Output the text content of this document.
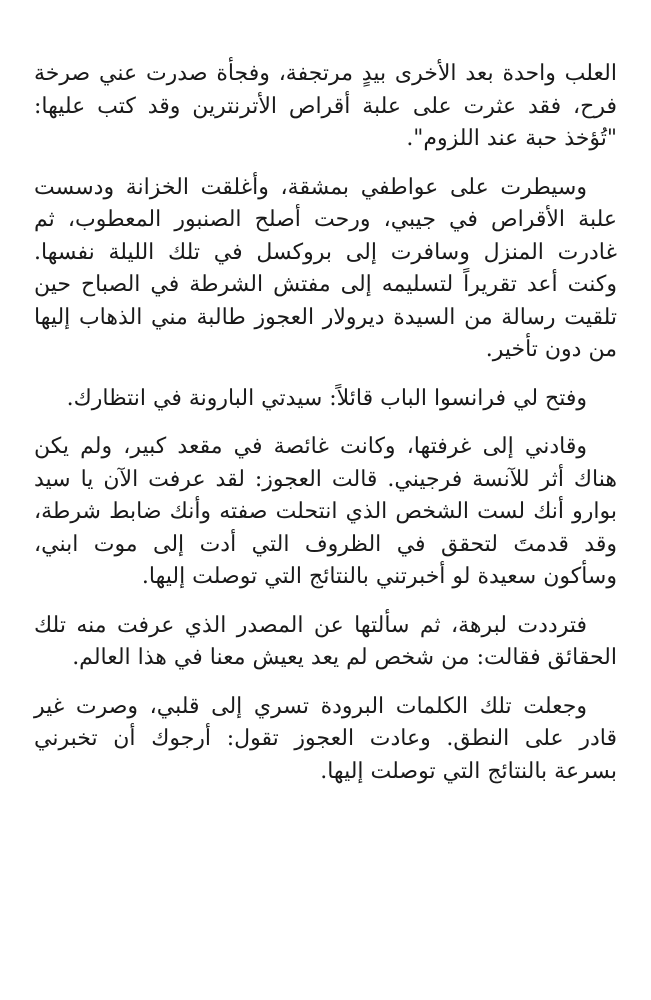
العلب واحدة بعد الأخرى بيدٍ مرتجفة، وفجأة صدرت عني صرخة فرح، فقد عثرت على علبة أقراص الأترنترين وقد كتب عليها: "تُؤخذ حبة عند اللزوم".

وسيطرت على عواطفي بمشقة، وأغلقت الخزانة ودسست علبة الأقراص في جيبي، ورحت أصلح الصنبور المعطوب، ثم غادرت المنزل وسافرت إلى بروكسل في تلك الليلة نفسها. وكنت أعد تقريراً لتسليمه إلى مفتش الشرطة في الصباح حين تلقيت رسالة من السيدة ديرولار العجوز طالبة مني الذهاب إليها من دون تأخير.

وفتح لي فرانسوا الباب قائلاً: سيدتي البارونة في انتظارك.

وقادني إلى غرفتها، وكانت غائصة في مقعد كبير، ولم يكن هناك أثر للآنسة فرجيني. قالت العجوز: لقد عرفت الآن يا سيد بوارو أنك لست الشخص الذي انتحلت صفته وأنك ضابط شرطة، وقد قدمتَ لتحقق في الظروف التي أدت إلى موت ابني، وسأكون سعيدة لو أخبرتني بالنتائج التي توصلت إليها.

فترددت لبرهة، ثم سألتها عن المصدر الذي عرفت منه تلك الحقائق فقالت: من شخص لم يعد يعيش معنا في هذا العالم.

وجعلت تلك الكلمات البرودة تسري إلى قلبي، وصرت غير قادر على النطق. وعادت العجوز تقول: أرجوك أن تخبرني بسرعة بالنتائج التي توصلت إليها.
